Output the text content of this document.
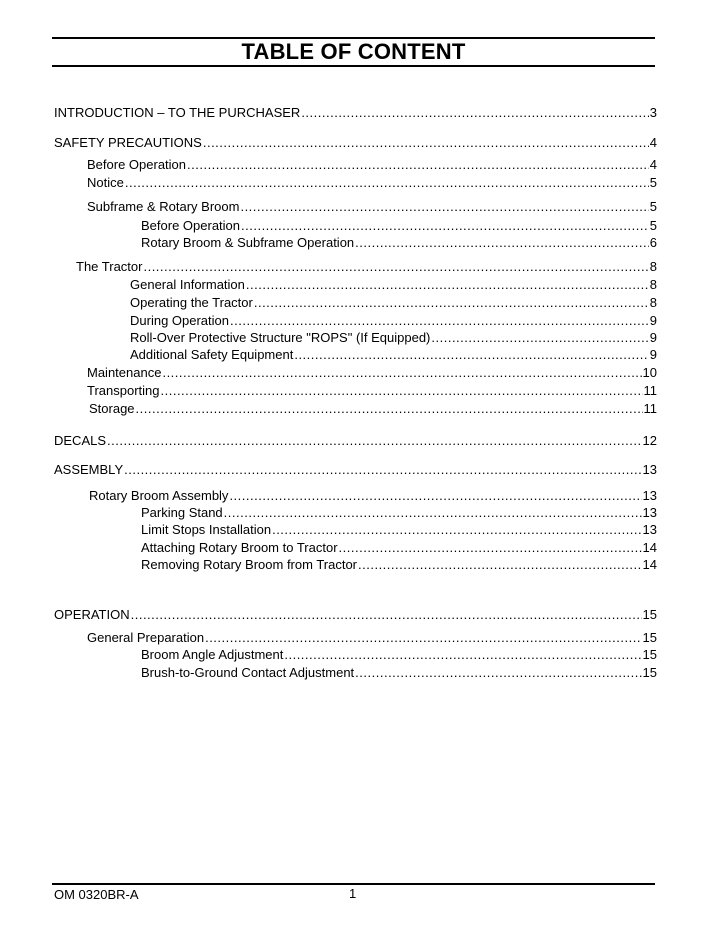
TABLE OF CONTENT
INTRODUCTION – TO THE PURCHASER .....	3
SAFETY PRECAUTIONS .....	4
Before Operation .....	4
Notice .....	5
Subframe & Rotary Broom .....	5
Before Operation .....	5
Rotary Broom & Subframe Operation .....	6
The Tractor .....	8
General Information .....	8
Operating the Tractor .....	8
During Operation .....	9
Roll-Over Protective Structure "ROPS" (If Equipped) .....	9
Additional Safety Equipment .....	9
Maintenance .....	10
Transporting .....	11
Storage .....	11
DECALS .....	12
ASSEMBLY .....	13
Rotary Broom Assembly .....	13
Parking Stand .....	13
Limit Stops Installation .....	13
Attaching Rotary Broom to Tractor .....	14
Removing Rotary Broom from Tractor .....	14
OPERATION .....	15
General Preparation .....	15
Broom Angle Adjustment .....	15
Brush-to-Ground Contact Adjustment .....	15
OM 0320BR-A	1
